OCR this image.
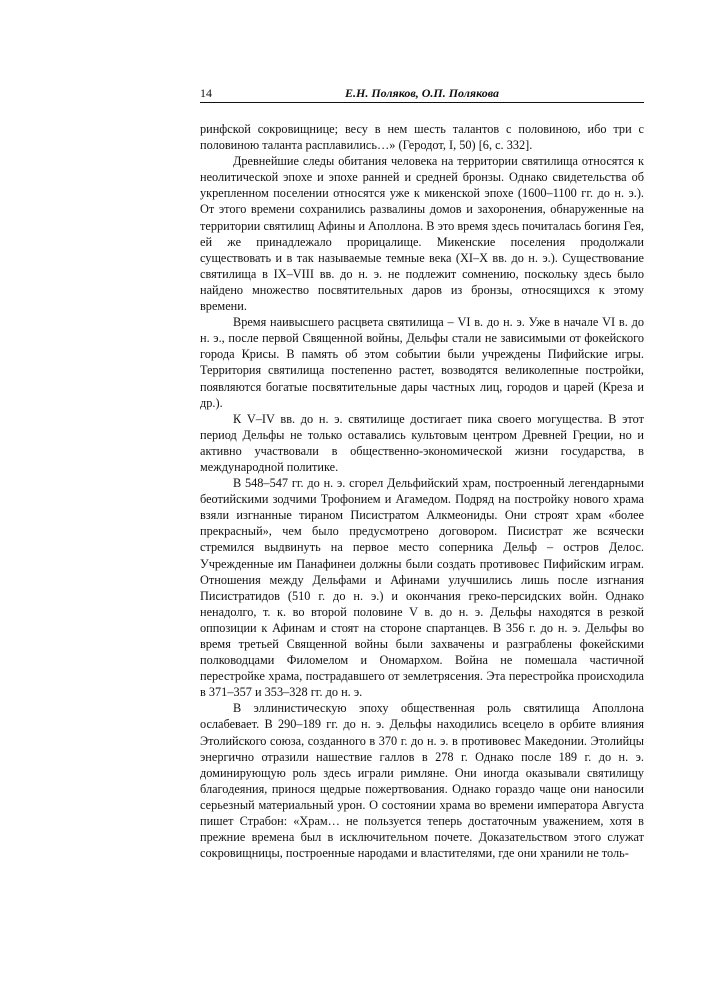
14	Е.Н. Поляков, О.П. Полякова

ринфской сокровищнице; весу в нем шесть талантов с половиною, ибо три с половиною таланта расплавились…» (Геродот, I, 50) [6, с. 332].

Древнейшие следы обитания человека на территории святилища относятся к неолитической эпохе и эпохе ранней и средней бронзы. Однако свидетельства об укрепленном поселении относятся уже к микенской эпохе (1600–1100 гг. до н. э.). От этого времени сохранились развалины домов и захоронения, обнаруженные на территории святилищ Афины и Аполлона. В это время здесь почиталась богиня Гея, ей же принадлежало прорицалище. Микенские поселения продолжали существовать и в так называемые темные века (XI–X вв. до н. э.). Существование святилища в IX–VIII вв. до н. э. не подлежит сомнению, поскольку здесь было найдено множество посвятительных даров из бронзы, относящихся к этому времени.

Время наивысшего расцвета святилища – VI в. до н. э. Уже в начале VI в. до н. э., после первой Священной войны, Дельфы стали не зависимыми от фокейского города Крисы. В память об этом событии были учреждены Пифийские игры. Территория святилища постепенно растет, возводятся великолепные постройки, появляются богатые посвятительные дары частных лиц, городов и царей (Креза и др.).

К V–IV вв. до н. э. святилище достигает пика своего могущества. В этот период Дельфы не только оставались культовым центром Древней Греции, но и активно участвовали в общественно-экономической жизни государства, в международной политике.

В 548–547 гг. до н. э. сгорел Дельфийский храм, построенный легендарными беотийскими зодчими Трофонием и Агамедом. Подряд на постройку нового храма взяли изгнанные тираном Писистратом Алкмеониды. Они строят храм «более прекрасный», чем было предусмотрено договором. Писистрат же всячески стремился выдвинуть на первое место соперника Дельф – остров Делос. Учрежденные им Панафинеи должны были создать противовес Пифийским играм. Отношения между Дельфами и Афинами улучшились лишь после изгнания Писистратидов (510 г. до н. э.) и окончания греко-персидских войн. Однако ненадолго, т. к. во второй половине V в. до н. э. Дельфы находятся в резкой оппозиции к Афинам и стоят на стороне спартанцев. В 356 г. до н. э. Дельфы во время третьей Священной войны были захвачены и разграблены фокейскими полководцами Филомелом и Ономархом. Война не помешала частичной перестройке храма, пострадавшего от землетрясения. Эта перестройка происходила в 371–357 и 353–328 гг. до н. э.

В эллинистическую эпоху общественная роль святилища Аполлона ослабевает. В 290–189 гг. до н. э. Дельфы находились всецело в орбите влияния Этолийского союза, созданного в 370 г. до н. э. в противовес Македонии. Этолийцы энергично отразили нашествие галлов в 278 г. Однако после 189 г. до н. э. доминирующую роль здесь играли римляне. Они иногда оказывали святилищу благодеяния, принося щедрые пожертвования. Однако гораздо чаще они наносили серьезный материальный урон. О состоянии храма во времени императора Августа пишет Страбон: «Храм… не пользуется теперь достаточным уважением, хотя в прежние времена был в исключительном почете. Доказательством этого служат сокровищницы, построенные народами и властителями, где они хранили не толь-
